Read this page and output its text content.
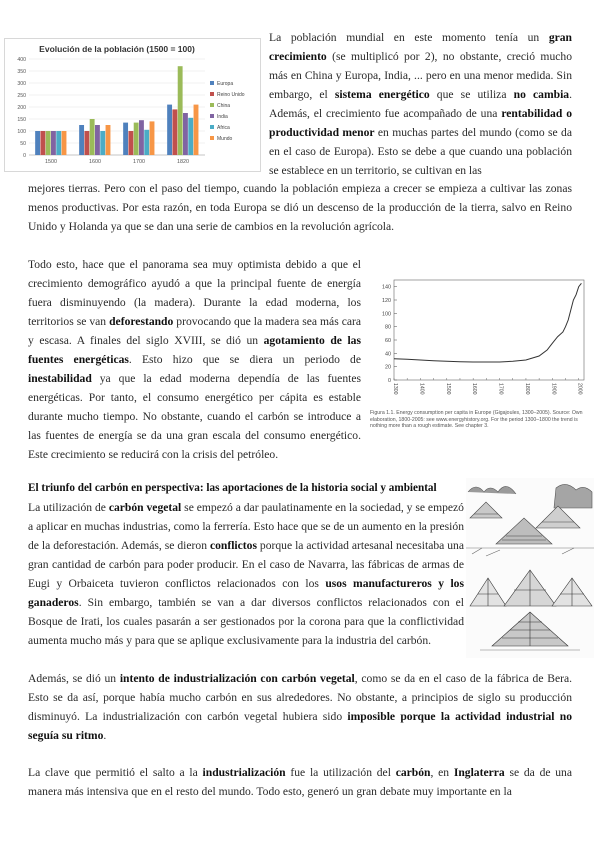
Evolución de la población (1500 = 100)
0
50
100
150
200
250
300
350
400
1500	1600	1700	1820
Europa
Reino Unido
China
India
Africa
Mundo

La población mundial en este momento tenía un gran crecimiento (se multiplicó por 2), no obstante, creció mucho más en China y Europa, India, ... pero en una menor medida. Sin embargo, el sistema energético que se utiliza no cambia. Además, el crecimiento fue acompañado de una rentabilidad o productividad menor en muchas partes del mundo (como se da en el caso de Europa). Esto se debe a que cuando una población se establece en un territorio, se cultivan en las

mejores tierras. Pero con el paso del tiempo, cuando la población empieza a crecer se empieza a cultivar las zonas menos productivas. Por esta razón, en toda Europa se dió un descenso de la producción de la tierra, salvo en Reino Unido y Holanda ya que se dan una serie de cambios en la revolución agrícola.

Todo esto, hace que el panorama sea muy optimista debido a que el crecimiento demográfico ayudó a que la principal fuente de energía fuera disminuyendo (la madera). Durante la edad moderna, los territorios se van deforestando provocando que la madera sea más cara y escasa. A finales del siglo XVIII, se dió un agotamiento de las fuentes energéticas. Esto hizo que se diera un periodo de inestabilidad ya que la edad moderna dependía de las fuentes energéticas. Por tanto, el consumo energético per cápita es estable durante mucho tiempo. No obstante, cuando el carbón se introduce a las fuentes de energía se da una gran escala del consumo energético. Este crecimiento se reducirá con la crisis del petróleo.

0
20
40
60
80
100
120
140
1300	1400	1500	1600	1700	1800	1900	2000
Figura 1.1. Energy consumption per capita in Europe (Gigajoules, 1300–2005). Source: Own elaboration, 1800-2005: see www.energyhistory.org. For the period 1300–1800 the trend is nothing more than a rough estimate. See chapter 3.
El triunfo del carbón en perspectiva: las aportaciones de la historia social y ambiental

La utilización de carbón vegetal se empezó a dar paulatinamente en la sociedad, y se empezó a aplicar en muchas industrias, como la ferrería. Esto hace que se de un aumento en la presión de la deforestación. Además, se dieron conflictos porque la actividad artesanal necesitaba una gran cantidad de carbón para poder producir. En el caso de Navarra, las fábricas de armas de Eugi y Orbaiceta tuvieron conflictos relacionados con los usos manufactureros y los ganaderos. Sin embargo, también se van a dar diversos conflictos relacionados con el Bosque de Irati, los cuales pasarán a ser gestionados por la corona para que la conflictividad aumenta mucho más y para que se aplique exclusivamente para la industria del carbón.

Además, se dió un intento de industrialización con carbón vegetal, como se da en el caso de la fábrica de Bera. Esto se da así, porque había mucho carbón en sus alrededores. No obstante, a principios de siglo su producción disminuyó. La industrialización con carbón vegetal hubiera sido imposible porque la actividad industrial no seguía su ritmo.

La clave que permitió el salto a la industrialización fue la utilización del carbón, en Inglaterra se da de una manera más intensiva que en el resto del mundo. Todo esto, generó un gran debate muy importante en la
